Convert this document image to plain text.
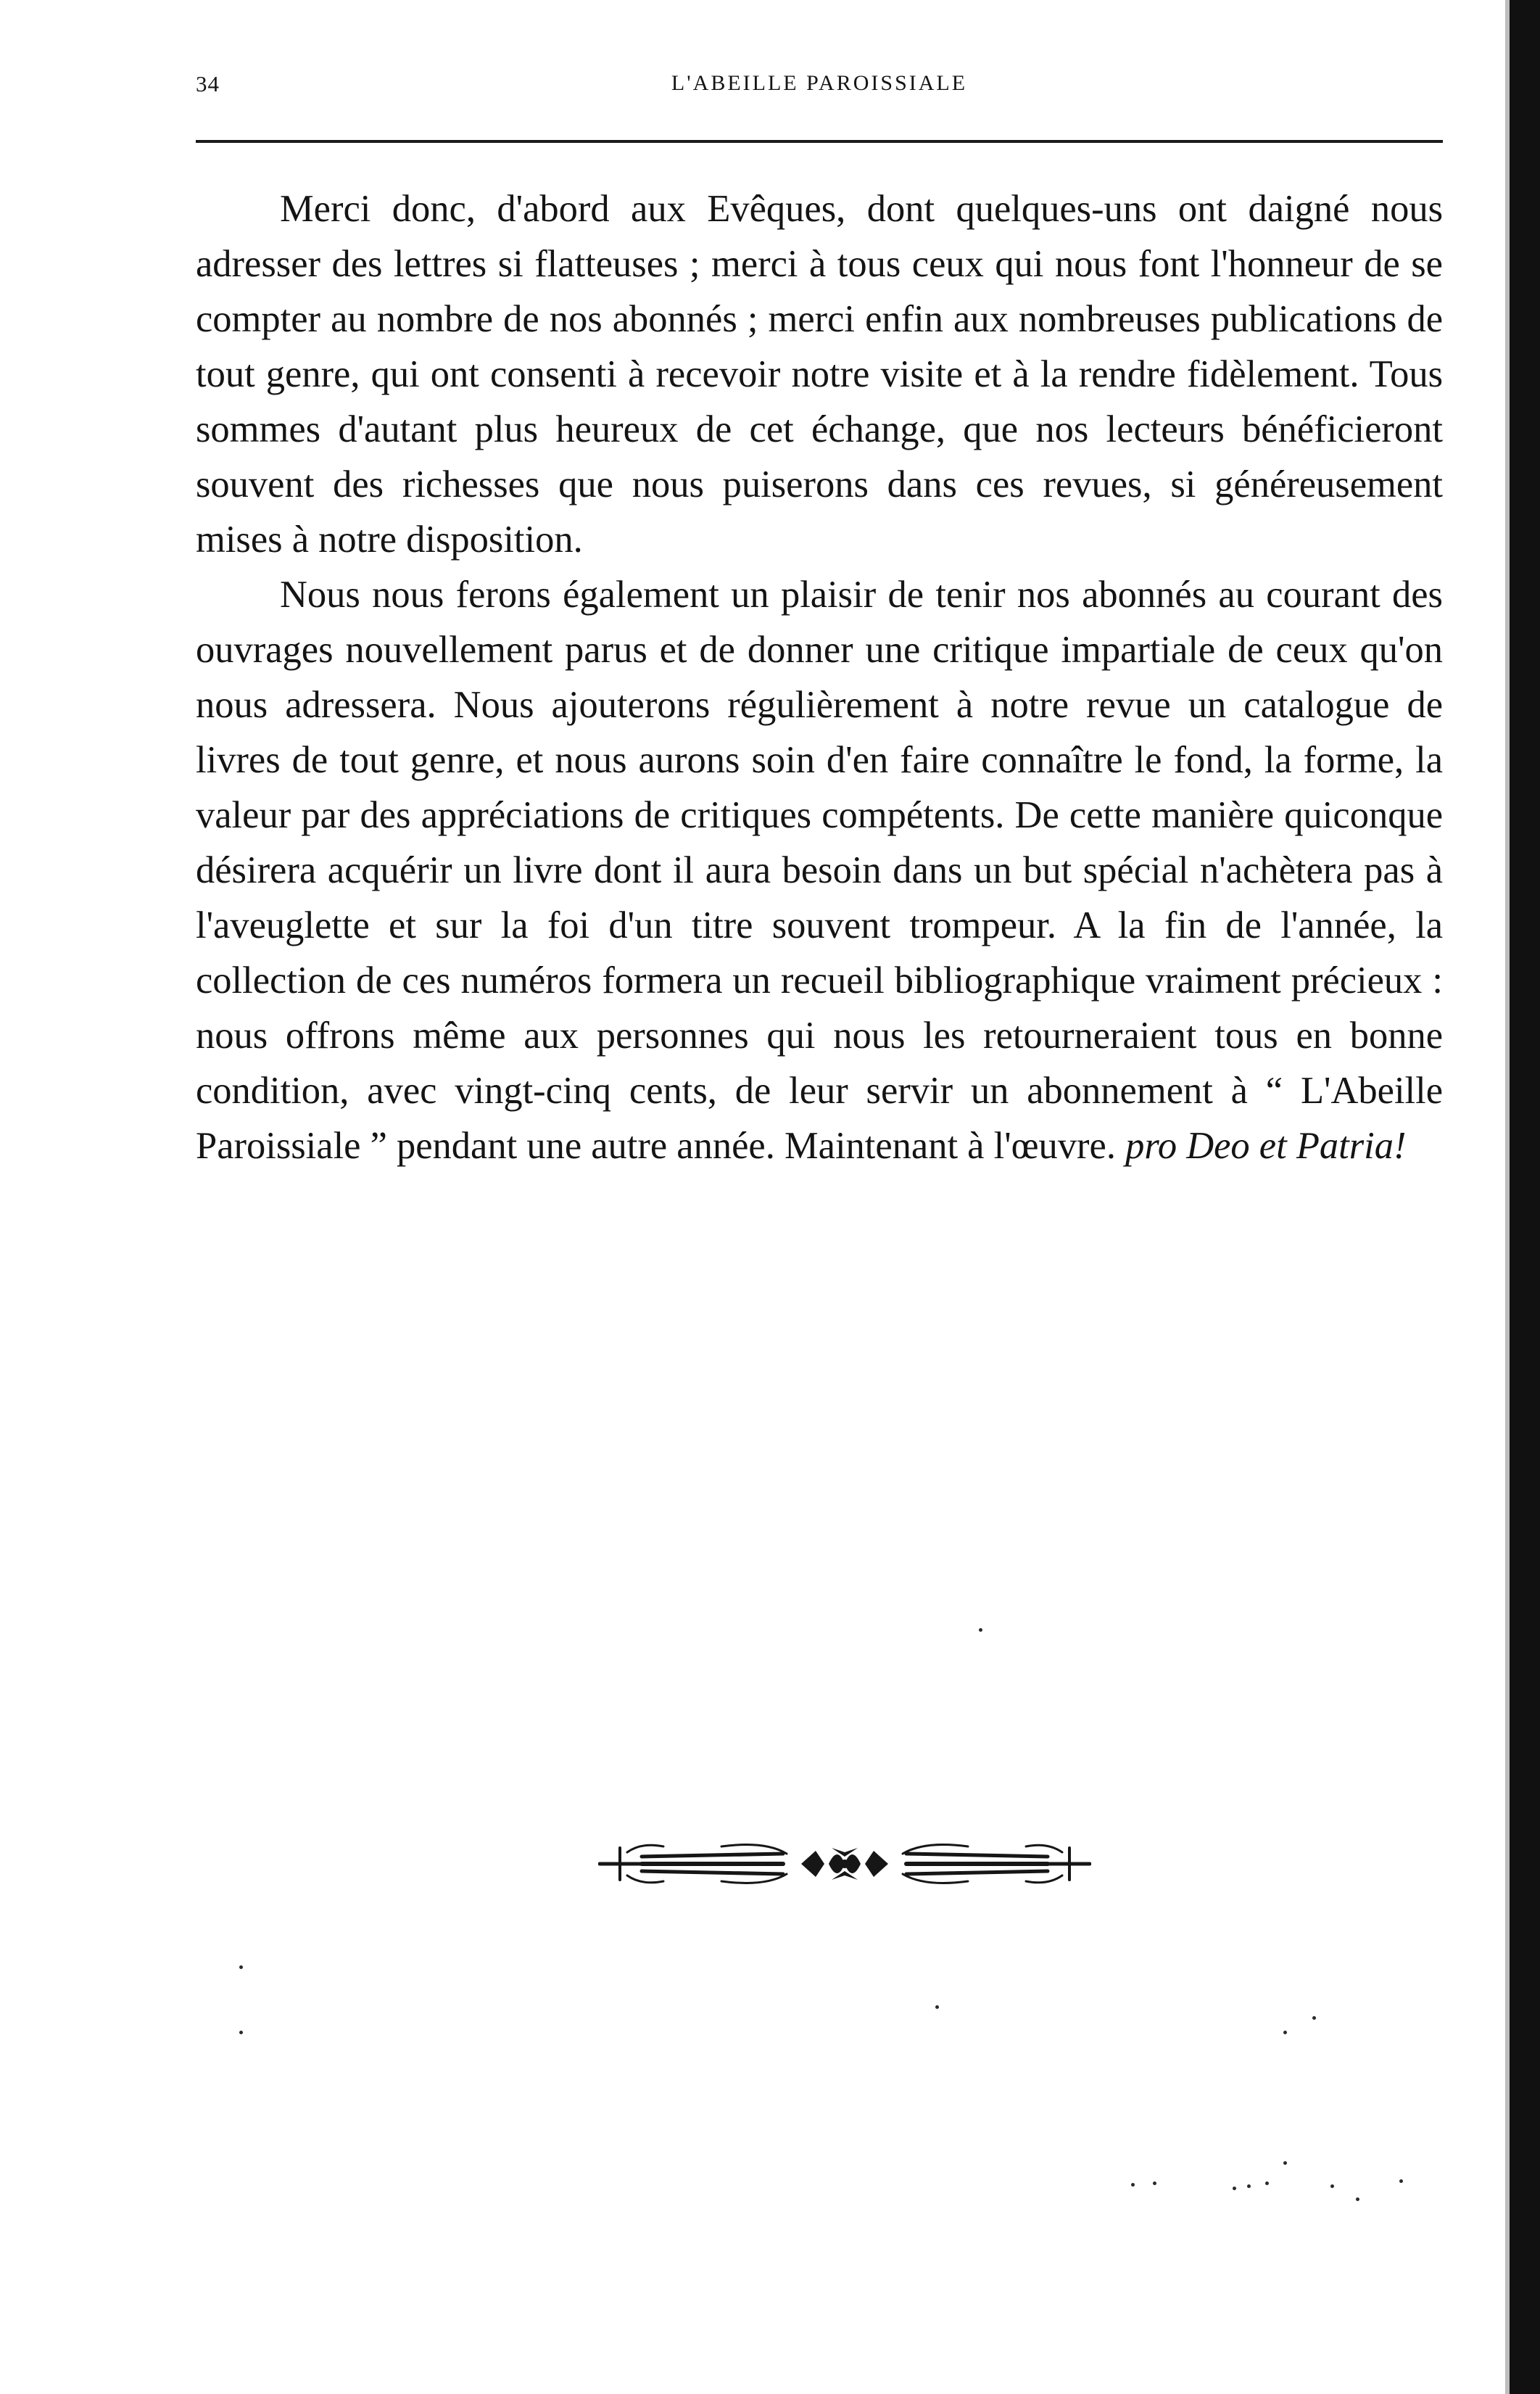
34	L'ABEILLE PAROISSIALE

Merci donc, d'abord aux Evêques, dont quelques-uns ont daigné nous adresser des lettres si flatteuses ; merci à tous ceux qui nous font l'honneur de se compter au nombre de nos abonnés ; merci enfin aux nombreuses publications de tout genre, qui ont consenti à recevoir notre visite et à la rendre fidèlement. Tous sommes d'autant plus heureux de cet échange, que nos lecteurs bénéficieront souvent des richesses que nous puiserons dans ces revues, si généreusement mises à notre disposition.

Nous nous ferons également un plaisir de tenir nos abonnés au courant des ouvrages nouvellement parus et de donner une critique impartiale de ceux qu'on nous adressera. Nous ajouterons régulièrement à notre revue un catalogue de livres de tout genre, et nous aurons soin d'en faire connaître le fond, la forme, la valeur par des appréciations de critiques compétents. De cette manière quiconque désirera acquérir un livre dont il aura besoin dans un but spécial n'achètera pas à l'aveuglette et sur la foi d'un titre souvent trompeur. A la fin de l'année, la collection de ces numéros formera un recueil bibliographique vraiment précieux : nous offrons même aux personnes qui nous les retourneraient tous en bonne condition, avec vingt-cinq cents, de leur servir un abonnement à “ L'Abeille Paroissiale ” pendant une autre année. Maintenant à l'œuvre. pro Deo et Patria!
